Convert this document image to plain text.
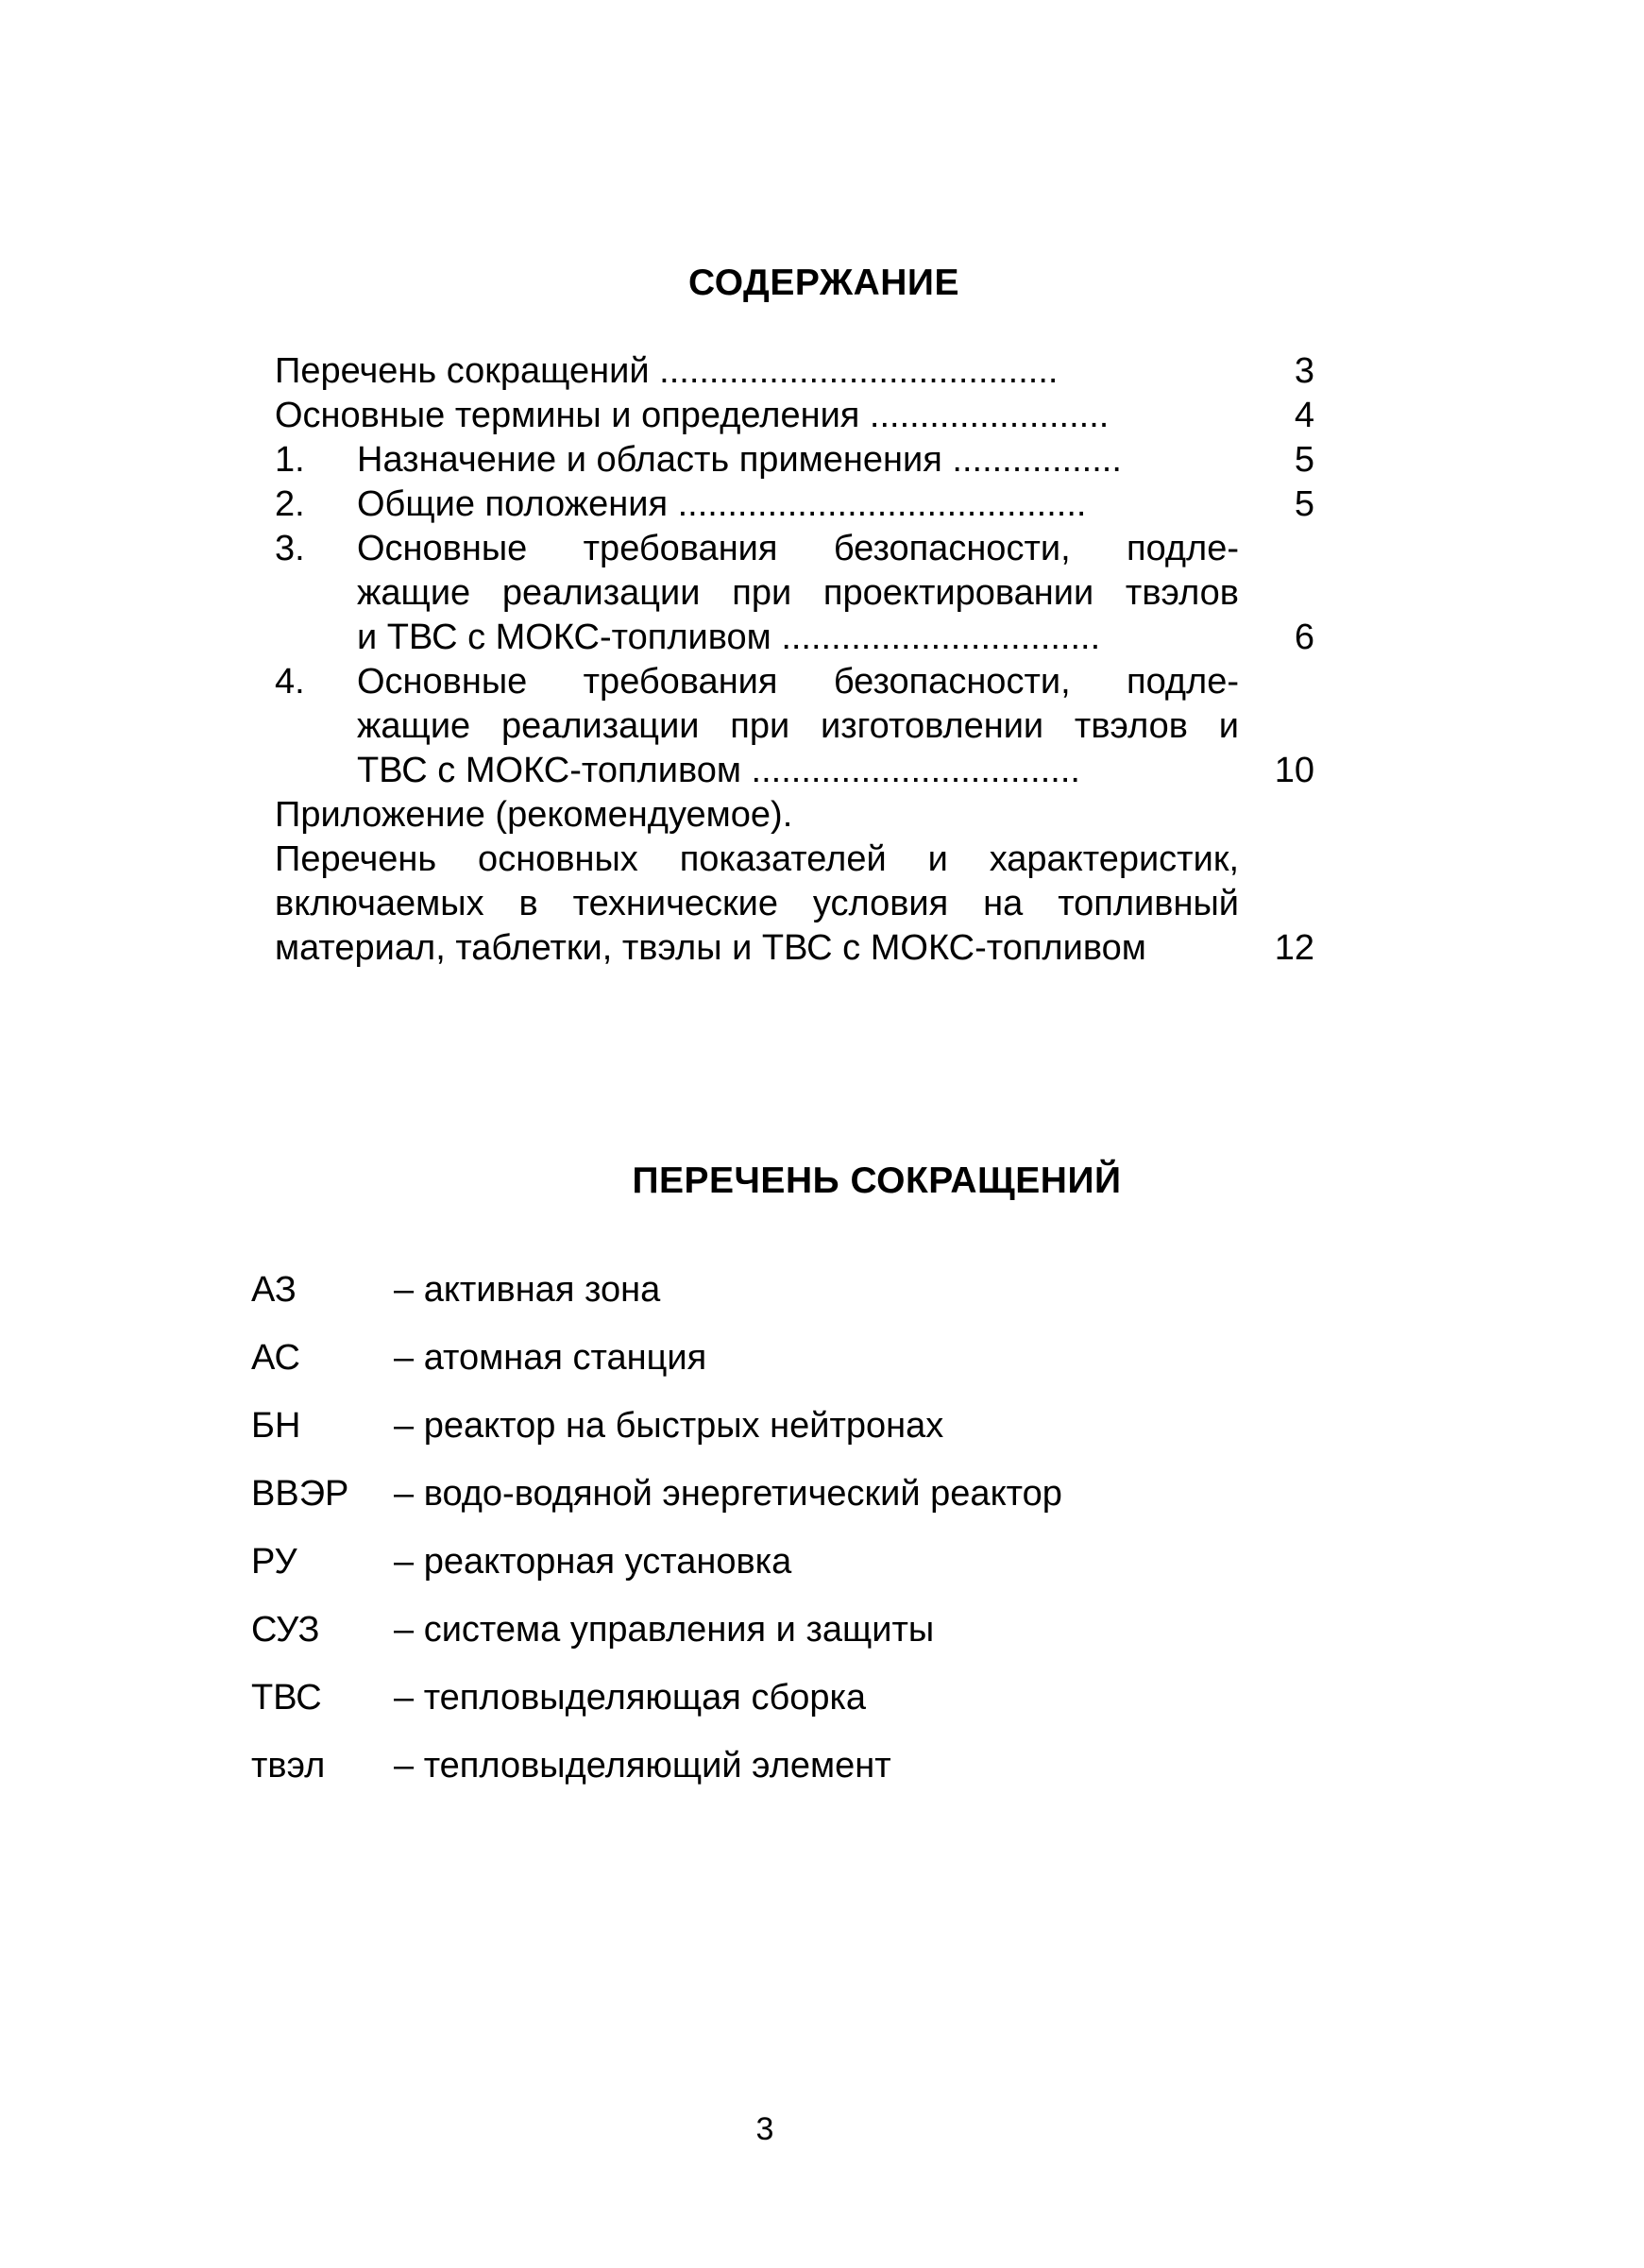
СОДЕРЖАНИЕ
Перечень сокращений ........................................	3
Основные термины и определения ........................	4
1.	Назначение и область применения .................	5
2.	Общие положения .........................................	5
3.	Основные требования безопасности, подле-
жащие реализации при проектировании твэлов
и ТВС с МОКС-топливом ................................	6
4.	Основные требования безопасности, подле-
жащие реализации при изготовлении твэлов и
ТВС с МОКС-топливом .................................	10
Приложение (рекомендуемое).
Перечень основных показателей и характеристик,
включаемых в технические условия на топливный
материал, таблетки, твэлы и ТВС с МОКС-топливом	12
ПЕРЕЧЕНЬ СОКРАЩЕНИЙ
АЗ	– активная зона
АС	– атомная станция
БН	– реактор на быстрых нейтронах
ВВЭР – водо-водяной энергетический реактор
РУ	– реакторная установка
СУЗ – система управления и защиты
ТВС – тепловыделяющая сборка
твэл – тепловыделяющий элемент
3
